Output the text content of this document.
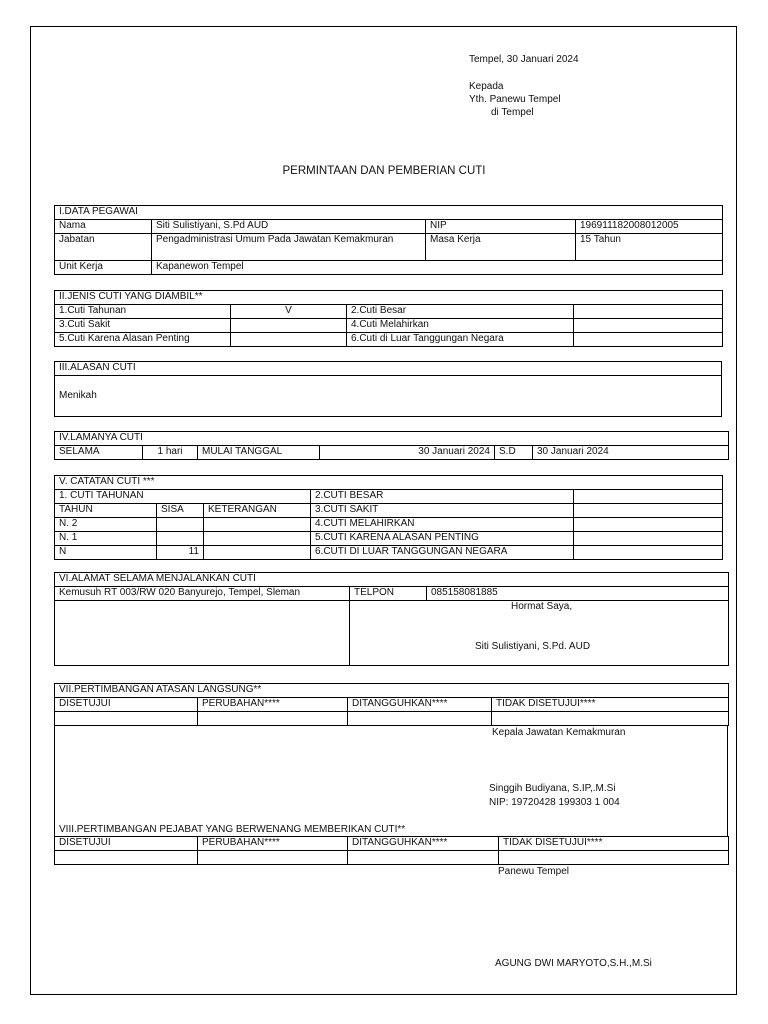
Tempel, 30 Januari 2024
Kepada
Yth. Panewu Tempel
di Tempel
PERMINTAAN DAN PEMBERIAN CUTI
I.DATA PEGAWAI			
Nama	Siti Sulistiyani, S.Pd AUD	NIP	196911182008012005
Jabatan	Pengadministrasi Umum Pada Jawatan Kemakmuran	Masa Kerja	15 Tahun
Unit Kerja	Kapanewon Tempel		
II.JENIS CUTI YANG DIAMBIL**			
1.Cuti Tahunan	V	2.Cuti Besar	
3.Cuti Sakit		4.Cuti Melahirkan	
5.Cuti Karena Alasan Penting		6.Cuti di Luar Tanggungan Negara	
III.ALASAN CUTI
Menikah
IV.LAMANYA CUTI
SELAMA	1 hari	MULAI TANGGAL	30 Januari 2024	S.D	30 Januari 2024
V. CATATAN CUTI ***				
1. CUTI TAHUNAN			2.CUTI BESAR	
TAHUN	SISA	KETERANGAN	3.CUTI SAKIT	
N. 2			4.CUTI MELAHIRKAN	
N. 1			5.CUTI KARENA ALASAN PENTING	
N	11		6.CUTI DI LUAR TANGGUNGAN NEGARA	
VI.ALAMAT SELAMA MENJALANKAN CUTI		
Kemusuh RT 003/RW 020 Banyurejo, Tempel, Sleman	TELPON	085158081885

	Hormat Saya,
Siti Sulistiyani, S.Pd. AUD	
VII.PERTIMBANGAN ATASAN LANGSUNG**			
DISETUJUI	PERUBAHAN****	DITANGGUHKAN****	TIDAK DISETUJUI****

Kepala Jawatan Kemakmuran
Singgih Budiyana, S.IP,.M.Si
NIP: 19720428 199303 1 004
VIII.PERTIMBANGAN PEJABAT YANG BERWENANG MEMBERIKAN CUTI**
DISETUJUI	PERUBAHAN****	DITANGGUHKAN****	TIDAK DISETUJUI****

Panewu Tempel
AGUNG DWI MARYOTO,S.H.,M.Si
